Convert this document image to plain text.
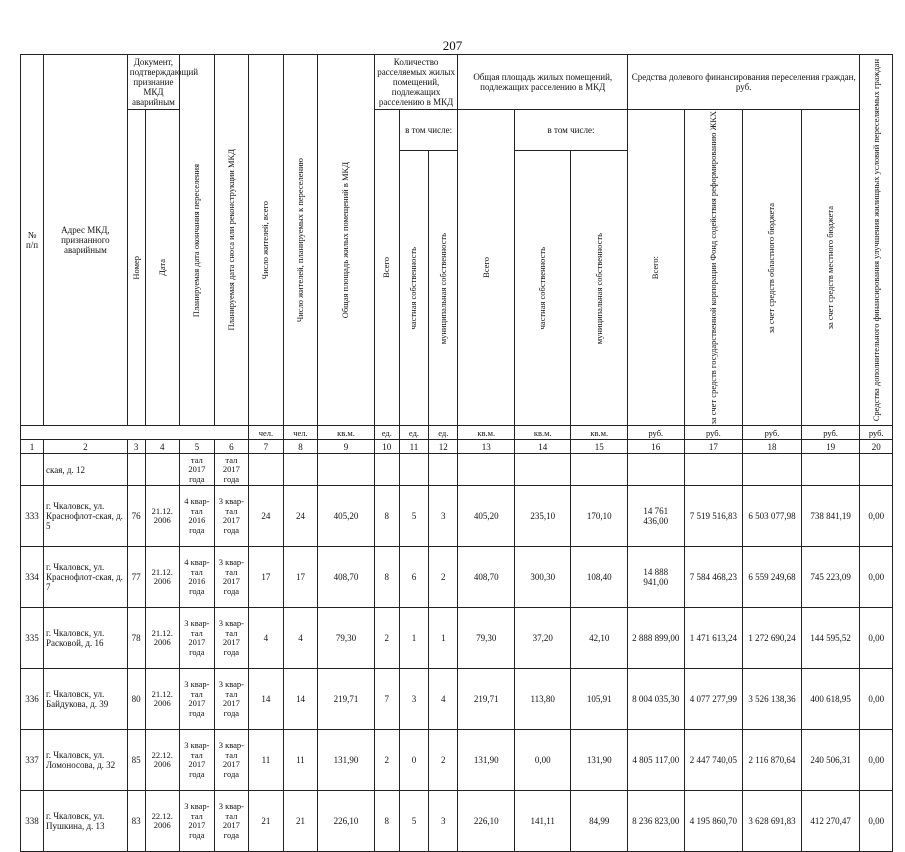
207
№ п/п	Адрес МКД, признанного аварийным	Документ, подтверждающий признание МКД аварийным		Планируемая дата окончания переселения	Планируемая дата сноса или реконструкции МКД	Число жителей, всего	Число жителей, планируемых к переселению	Общая площадь жилых помещений в МКД	Количество расселяемых жилых помещений, подлежащих расселению в МКД			Общая площадь жилых помещений, подлежащих расселению в МКД			Средства долевого финансирования переселения граждан, руб.				Средства дополнительного финансирования улучшения жилищных условий переселяемых граждан

		Номер	Дата						Всего	в том числе:		Всего	в том числе:		Всего:	за счет средств государственной корпорации Фонд содействия реформированию ЖКХ	за счет средств областного бюджета	за счет средств местного бюджета	

										частная собственность	муниципальная собственность		частная собственность	муниципальная собственность					

						чел.	чел.	кв.м.	ед.	ед.	ед.	кв.м.	кв.м.	кв.м.	руб.	руб.	руб.	руб.	руб.
1	2	3	4	5	6	7	8	9	10	11	12	13	14	15	16	17	18	19	20
	ская, д. 12			тал 2017 года	тал 2017 года														
333	г. Чкаловск, ул. Краснофлот-ская, д. 5	76	21.12. 2006	4 квар-тал 2016 года	3 квар-тал 2017 года	24	24	405,20	8	5	3	405,20	235,10	170,10	14 761 436,00	7 519 516,83	6 503 077,98	738 841,19	0,00
334	г. Чкаловск, ул. Краснофлот-ская, д. 7	77	21.12. 2006	4 квар-тал 2016 года	3 квар-тал 2017 года	17	17	408,70	8	6	2	408,70	300,30	108,40	14 888 941,00	7 584 468,23	6 559 249,68	745 223,09	0,00
335	г. Чкаловск, ул. Расковой, д. 16	78	21.12. 2006	3 квар-тал 2017 года	3 квар-тал 2017 года	4	4	79,30	2	1	1	79,30	37,20	42,10	2 888 899,00	1 471 613,24	1 272 690,24	144 595,52	0,00
336	г. Чкаловск, ул. Байдукова, д. 39	80	21.12. 2006	3 квар-тал 2017 года	3 квар-тал 2017 года	14	14	219,71	7	3	4	219,71	113,80	105,91	8 004 035,30	4 077 277,99	3 526 138,36	400 618,95	0,00
337	г. Чкаловск, ул. Ломоносова, д. 32	85	22.12. 2006	3 квар-тал 2017 года	3 квар-тал 2017 года	11	11	131,90	2	0	2	131,90	0,00	131,90	4 805 117,00	2 447 740,05	2 116 870,64	240 506,31	0,00
338	г. Чкаловск, ул. Пушкина, д. 13	83	22.12. 2006	3 квар-тал 2017 года	3 квар-тал 2017 года	21	21	226,10	8	5	3	226,10	141,11	84,99	8 236 823,00	4 195 860,70	3 628 691,83	412 270,47	0,00
